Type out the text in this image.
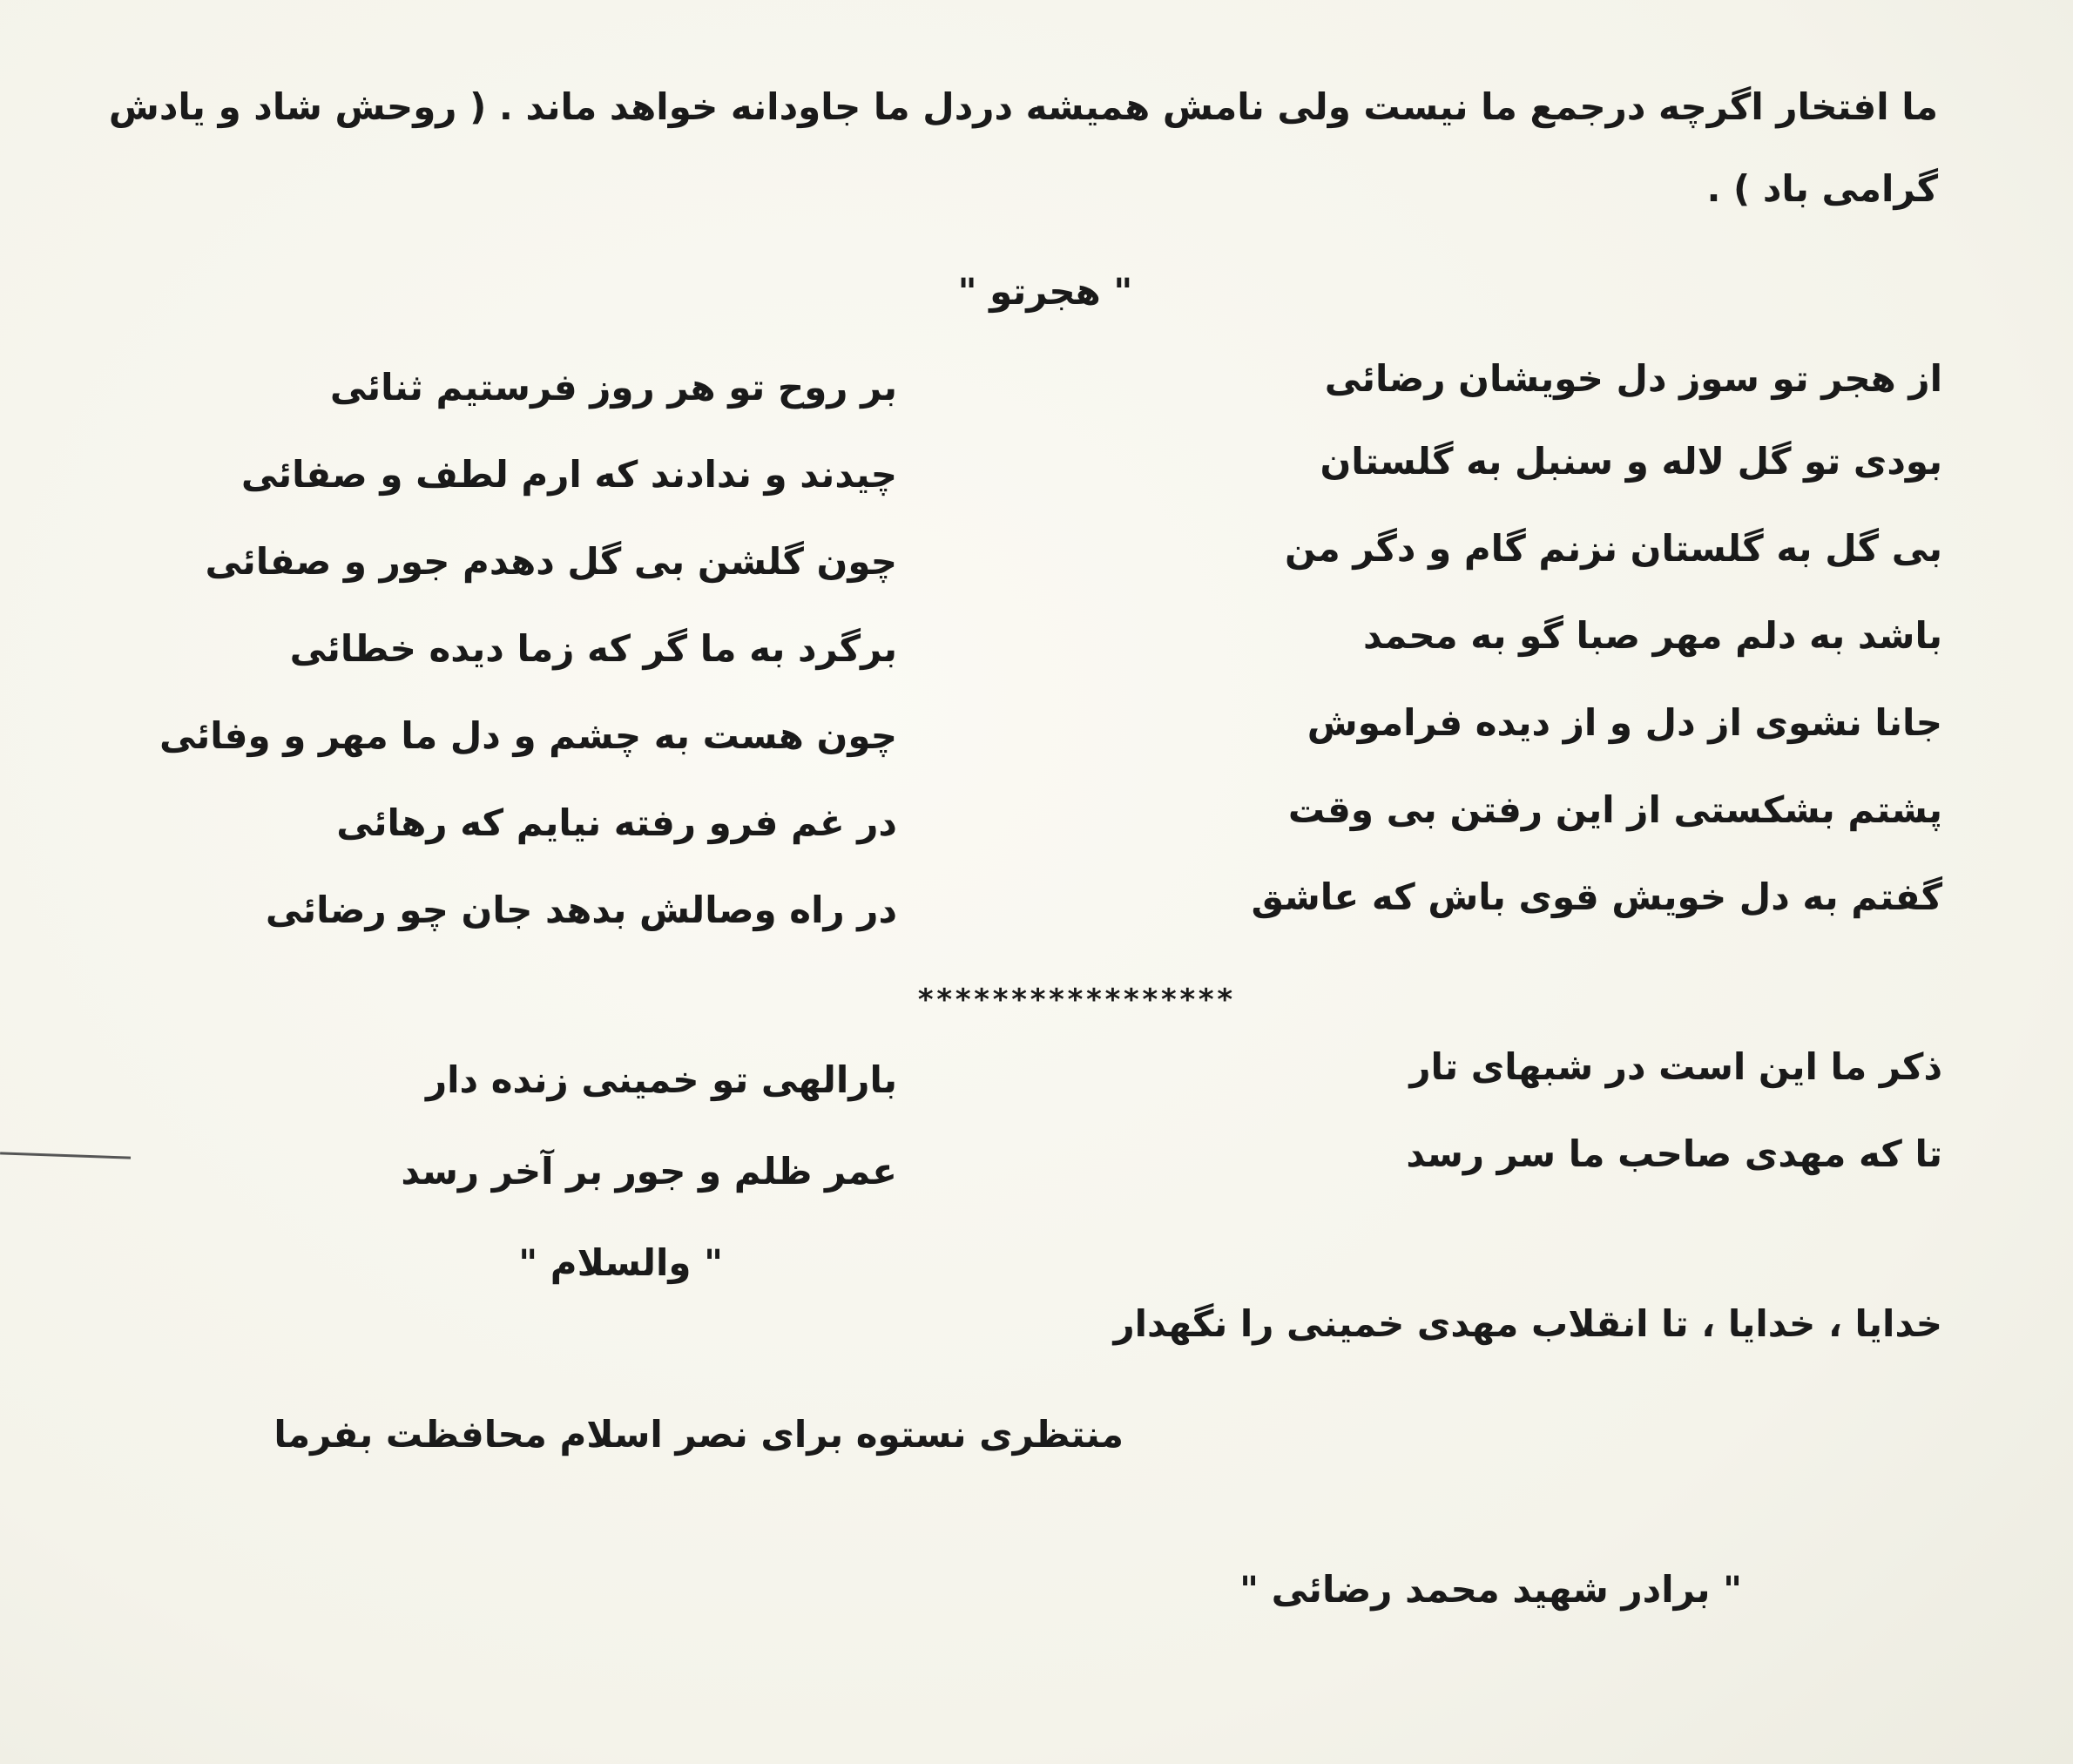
ما افتخار اگرچه درجمع ما نیست ولی نامش همیشه دردل ما جاودانه خواهد ماند . ( روحش شاد و یادش
گرامی باد ) .
" هجرتو "
از هجر تو سوز دل خویشان رضائی
بودی تو گل لاله و سنبل به گلستان
بی گل به گلستان نزنم گام و دگر من
باشد به دلم مهر صبا گو به محمد
جانا نشوی از دل و از دیده فراموش
پشتم بشکستی از این رفتن بی وقت
گفتم به دل خویش قوی باش که عاشق
بر روح تو هر روز فرستیم ثنائی
چیدند و ندادند که ارم لطف و صفائی
چون گلشن بی گل دهدم جور و صفائی
برگرد به ما گر که زما دیده خطائی
چون هست به چشم و دل ما مهر و وفائی
در غم فرو رفته نیایم که رهائی
در راه وصالش بدهد جان چو رضائی
*****************
ذکر ما این است در شبهای تار
تا که مهدی صاحب ما سر رسد
بارالهی تو خمینی زنده دار
عمر ظلم و جور بر آخر رسد
" والسلام "
خدایا ، خدایا ، تا انقلاب مهدی خمینی را نگهدار
منتظری نستوه برای نصر اسلام محافظت بفرما
" برادر شهید محمد رضائی "
